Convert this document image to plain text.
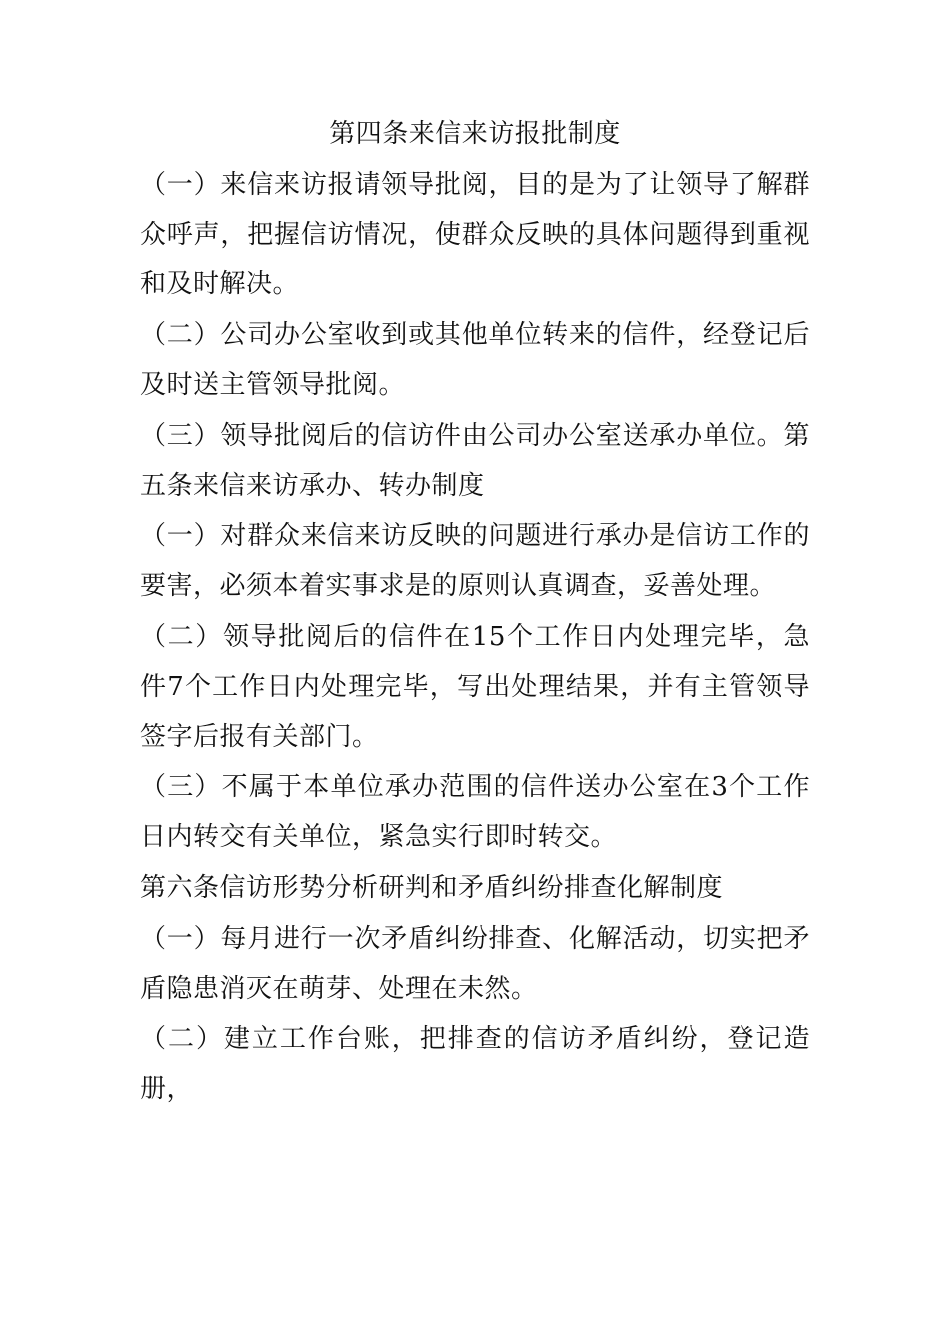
第四条来信来访报批制度
（一）来信来访报请领导批阅，目的是为了让领导了解群众呼声，把握信访情况，使群众反映的具体问题得到重视和及时解决。
（二）公司办公室收到或其他单位转来的信件，经登记后及时送主管领导批阅。
（三）领导批阅后的信访件由公司办公室送承办单位。第五条来信来访承办、转办制度
（一）对群众来信来访反映的问题进行承办是信访工作的要害，必须本着实事求是的原则认真调查，妥善处理。
（二）领导批阅后的信件在15个工作日内处理完毕，急件7个工作日内处理完毕，写出处理结果，并有主管领导签字后报有关部门。
（三）不属于本单位承办范围的信件送办公室在3个工作日内转交有关单位，紧急实行即时转交。
第六条信访形势分析研判和矛盾纠纷排查化解制度
（一）每月进行一次矛盾纠纷排查、化解活动，切实把矛盾隐患消灭在萌芽、处理在未然。
（二）建立工作台账，把排查的信访矛盾纠纷，登记造册，
